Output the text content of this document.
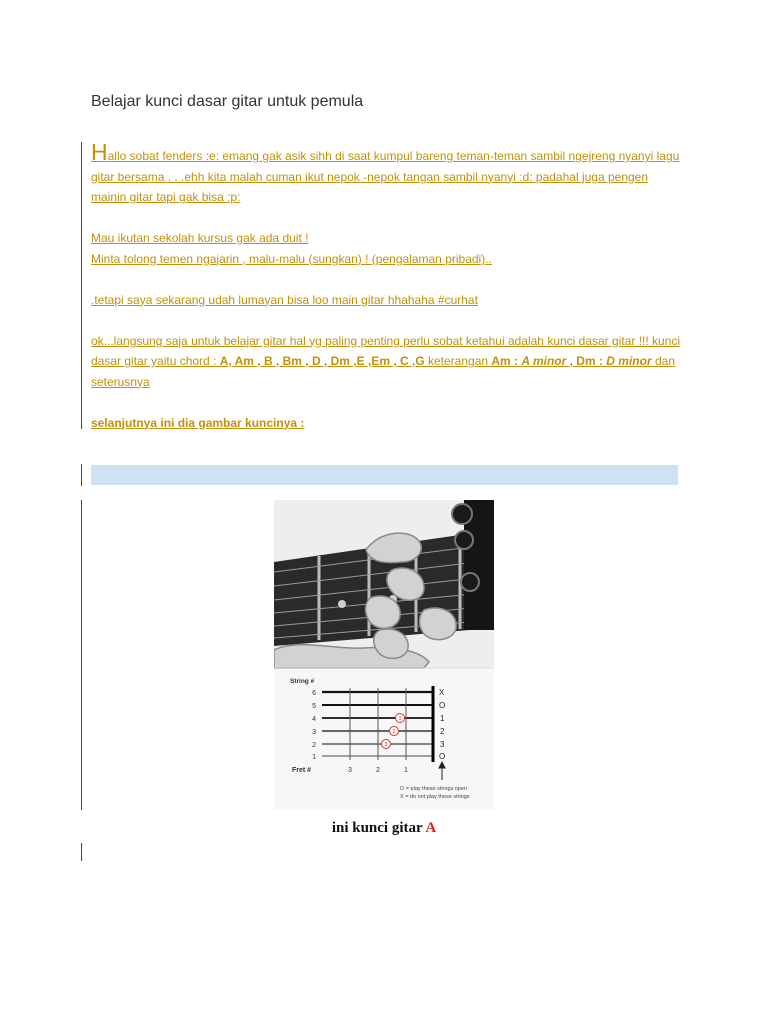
Belajar kunci dasar gitar untuk pemula

Hallo sobat fenders :e: emang gak asik sihh di saat kumpul bareng teman-teman sambil ngejreng nyanyi lagu gitar bersama . . .ehh kita malah cuman ikut nepok -nepok tangan sambil nyanyi :d: padahal juga pengen mainin gitar tapi gak bisa :p:

Mau ikutan sekolah kursus gak ada duit !

Minta tolong temen ngajarin , malu-malu (sungkan) ! (pengalaman pribadi)..

.tetapi saya sekarang udah lumayan bisa loo main gitar hhahaha #curhat

ok...langsung saja untuk belajar gitar hal yg paling penting perlu sobat ketahui adalah kunci dasar gitar !!! kunci dasar gitar yaitu chord : A, Am , B , Bm , D , Dm ,E ,Em , C ,G keterangan Am : A minor , Dm : D minor dan seterusnya

selanjutnya ini dia gambar kuncinya :

String #
6
5
4
3
2
1
X
O
1
2
3
O
1
2
3
Fret #	3	2	1
O = play these strings open
X = do not play these strings
ini kunci gitar A
